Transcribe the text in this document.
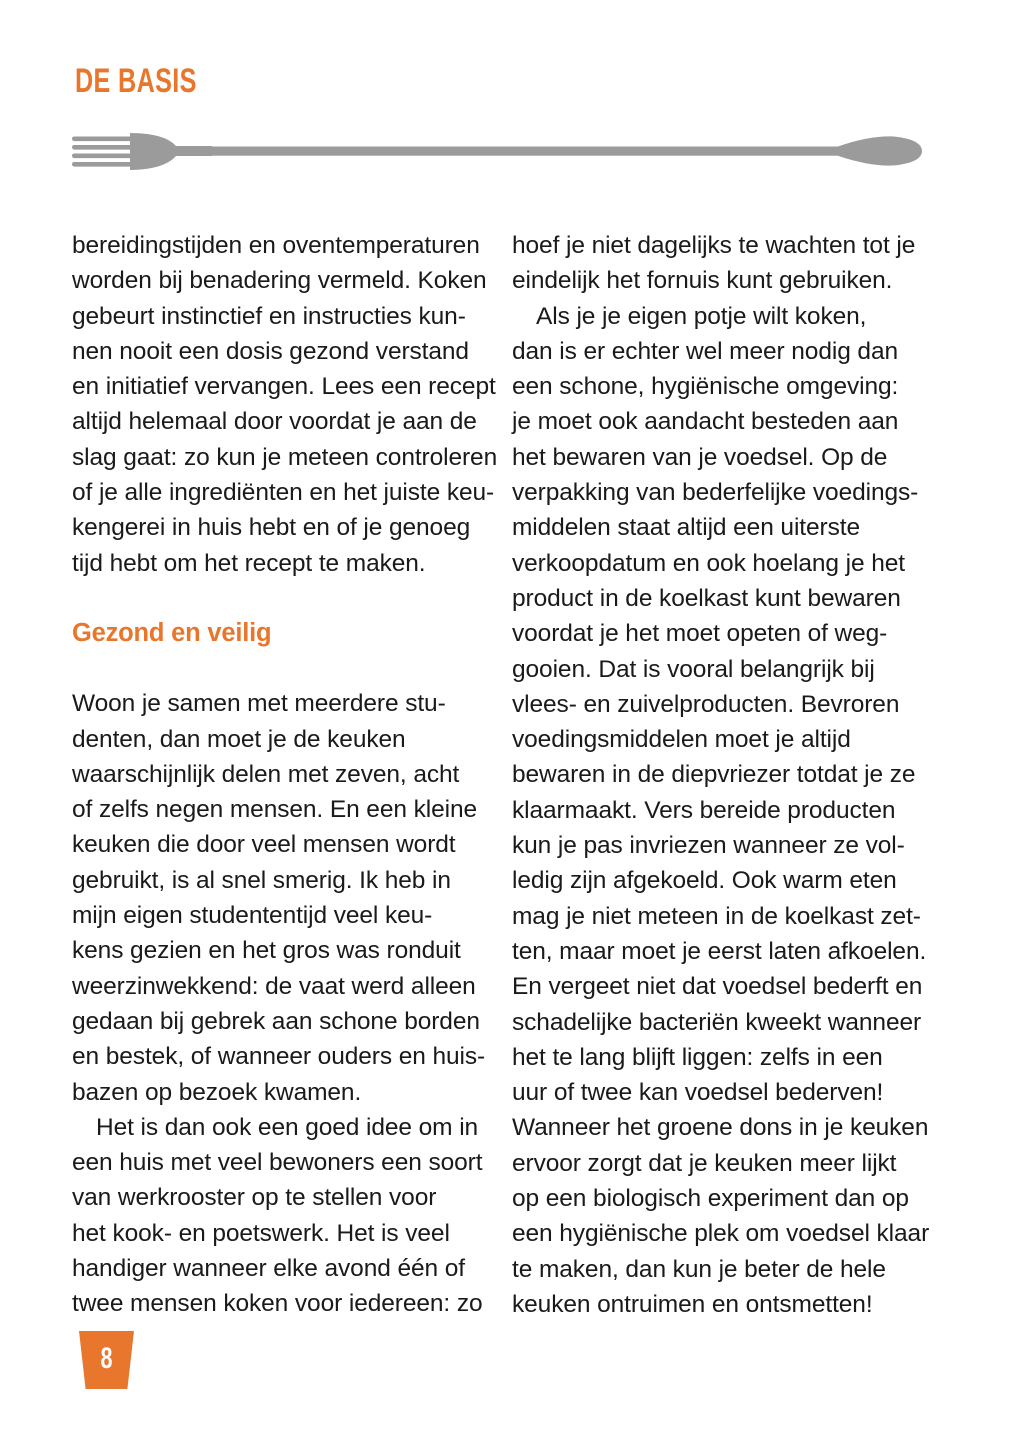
DE BASIS

bereidingstijden en oventemperaturen
worden bij benadering vermeld. Koken
gebeurt instinctief en instructies kun-
nen nooit een dosis gezond verstand
en initiatief vervangen. Lees een recept
altijd helemaal door voordat je aan de
slag gaat: zo kun je meteen controleren
of je alle ingrediënten en het juiste keu-
kengerei in huis hebt en of je genoeg
tijd hebt om het recept te maken.

Gezond en veilig

Woon je samen met meerdere stu-
denten, dan moet je de keuken
waarschijnlijk delen met zeven, acht
of zelfs negen mensen. En een kleine
keuken die door veel mensen wordt
gebruikt, is al snel smerig. Ik heb in
mijn eigen studententijd veel keu-
kens gezien en het gros was ronduit
weerzinwekkend: de vaat werd alleen
gedaan bij gebrek aan schone borden
en bestek, of wanneer ouders en huis-
bazen op bezoek kwamen.

Het is dan ook een goed idee om in
een huis met veel bewoners een soort
van werkrooster op te stellen voor
het kook- en poetswerk. Het is veel
handiger wanneer elke avond één of
twee mensen koken voor iedereen: zo

hoef je niet dagelijks te wachten tot je
eindelijk het fornuis kunt gebruiken.

Als je je eigen potje wilt koken,
dan is er echter wel meer nodig dan
een schone, hygiënische omgeving:
je moet ook aandacht besteden aan
het bewaren van je voedsel. Op de
verpakking van bederfelijke voedings-
middelen staat altijd een uiterste
verkoopdatum en ook hoelang je het
product in de koelkast kunt bewaren
voordat je het moet opeten of weg-
gooien. Dat is vooral belangrijk bij
vlees- en zuivelproducten. Bevroren
voedingsmiddelen moet je altijd
bewaren in de diepvriezer totdat je ze
klaarmaakt. Vers bereide producten
kun je pas invriezen wanneer ze vol-
ledig zijn afgekoeld. Ook warm eten
mag je niet meteen in de koelkast zet-
ten, maar moet je eerst laten afkoelen.
En vergeet niet dat voedsel bederft en
schadelijke bacteriën kweekt wanneer
het te lang blijft liggen: zelfs in een
uur of twee kan voedsel bederven!
Wanneer het groene dons in je keuken
ervoor zorgt dat je keuken meer lijkt
op een biologisch experiment dan op
een hygiënische plek om voedsel klaar
te maken, dan kun je beter de hele
keuken ontruimen en ontsmetten!

8
